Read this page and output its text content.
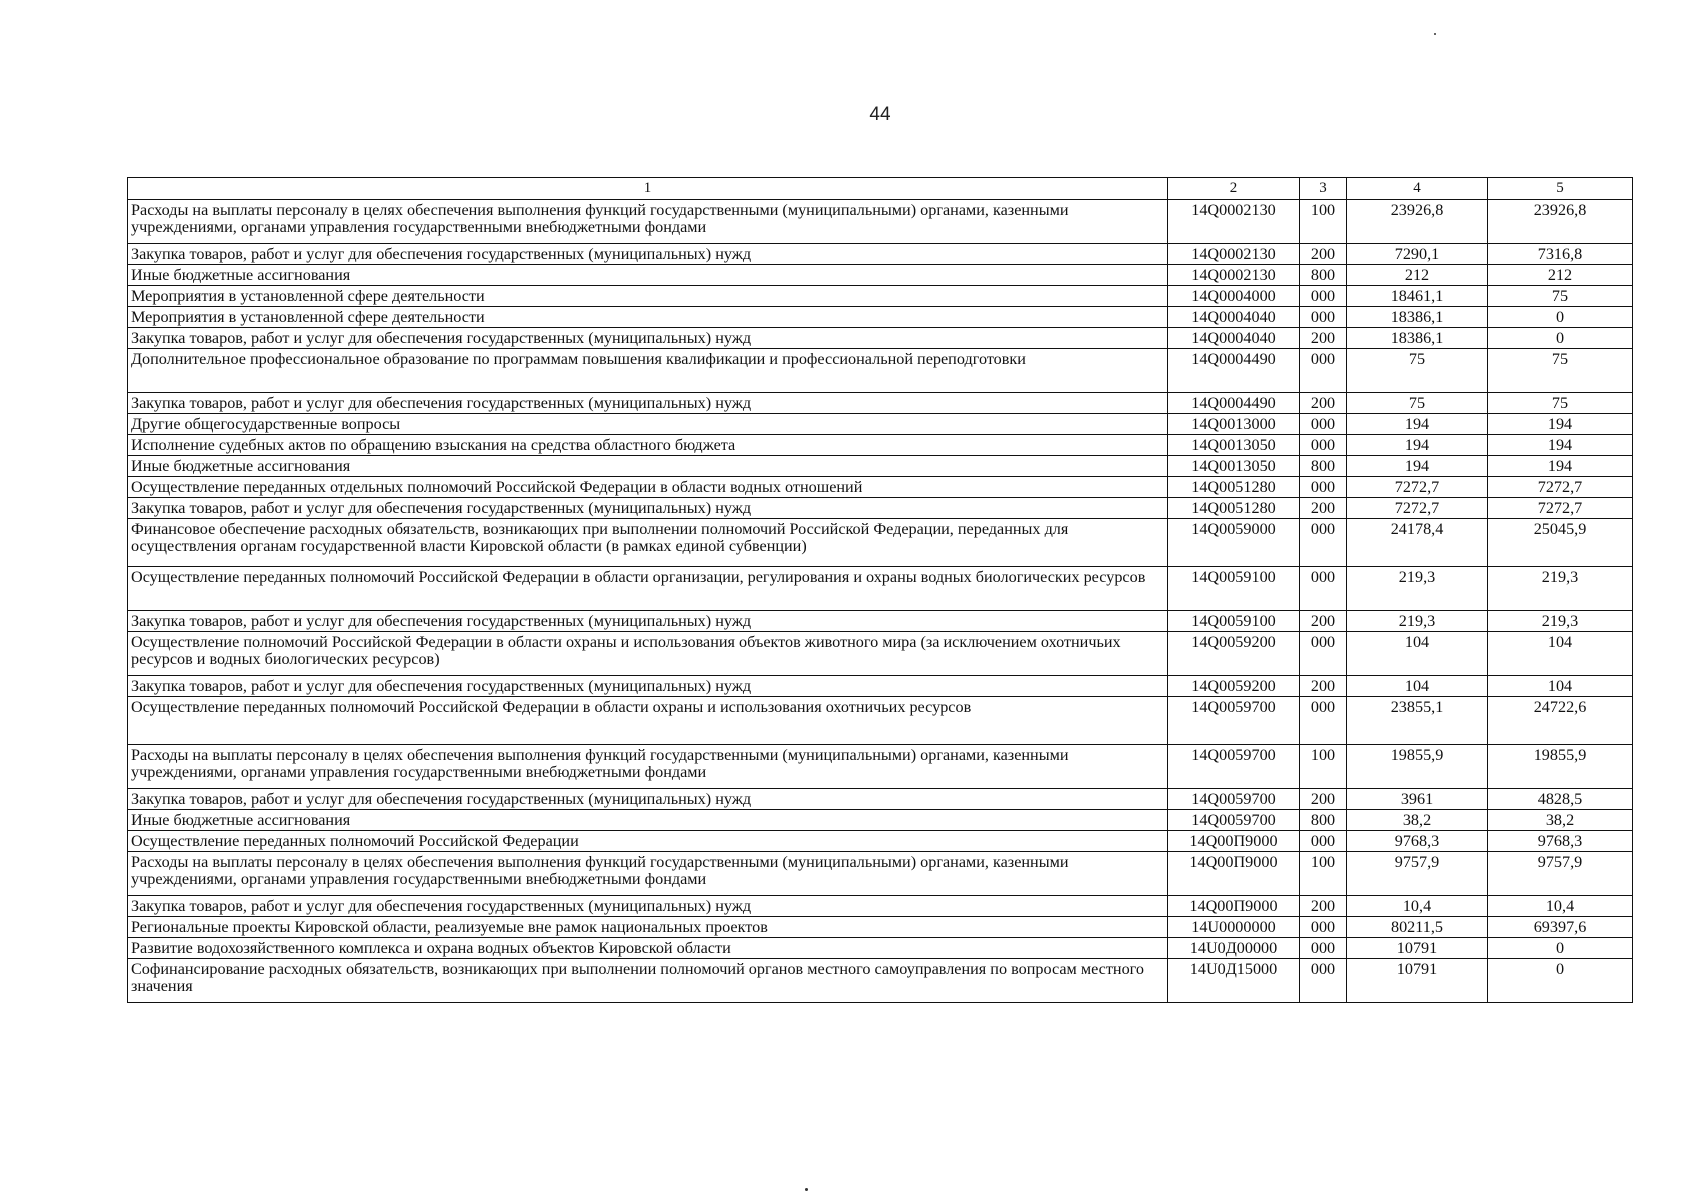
44
1	2	3	4	5
Расходы на выплаты персоналу в целях обеспечения выполнения функций государственными (муниципальными) органами, казенными учреждениями, органами управления государственными внебюджетными фондами	14Q0002130	100	23926,8	23926,8
Закупка товаров, работ и услуг для обеспечения государственных (муниципальных) нужд	14Q0002130	200	7290,1	7316,8
Иные бюджетные ассигнования	14Q0002130	800	212	212
Мероприятия в установленной сфере деятельности	14Q0004000	000	18461,1	75
Мероприятия в установленной сфере деятельности	14Q0004040	000	18386,1	0
Закупка товаров, работ и услуг для обеспечения государственных (муниципальных) нужд	14Q0004040	200	18386,1	0
Дополнительное профессиональное образование по программам повышения квалификации и профессиональной переподготовки	14Q0004490	000	75	75
Закупка товаров, работ и услуг для обеспечения государственных (муниципальных) нужд	14Q0004490	200	75	75
Другие общегосударственные вопросы	14Q0013000	000	194	194
Исполнение судебных актов по обращению взыскания на средства областного бюджета	14Q0013050	000	194	194
Иные бюджетные ассигнования	14Q0013050	800	194	194
Осуществление переданных отдельных полномочий Российской Федерации в области водных отношений	14Q0051280	000	7272,7	7272,7
Закупка товаров, работ и услуг для обеспечения государственных (муниципальных) нужд	14Q0051280	200	7272,7	7272,7
Финансовое обеспечение расходных обязательств, возникающих при выполнении полномочий Российской Федерации, переданных для осуществления органам государственной власти Кировской области (в рамках единой субвенции)	14Q0059000	000	24178,4	25045,9
Осуществление переданных полномочий Российской Федерации в области организации, регулирования и охраны водных биологических ресурсов	14Q0059100	000	219,3	219,3
Закупка товаров, работ и услуг для обеспечения государственных (муниципальных) нужд	14Q0059100	200	219,3	219,3
Осуществление полномочий Российской Федерации в области охраны и использования объектов животного мира (за исключением охотничьих ресурсов и водных биологических ресурсов)	14Q0059200	000	104	104
Закупка товаров, работ и услуг для обеспечения государственных (муниципальных) нужд	14Q0059200	200	104	104
Осуществление переданных полномочий Российской Федерации в области охраны и использования охотничьих ресурсов	14Q0059700	000	23855,1	24722,6
Расходы на выплаты персоналу в целях обеспечения выполнения функций государственными (муниципальными) органами, казенными учреждениями, органами управления государственными внебюджетными фондами	14Q0059700	100	19855,9	19855,9
Закупка товаров, работ и услуг для обеспечения государственных (муниципальных) нужд	14Q0059700	200	3961	4828,5
Иные бюджетные ассигнования	14Q0059700	800	38,2	38,2
Осуществление переданных полномочий Российской Федерации	14Q00П9000	000	9768,3	9768,3
Расходы на выплаты персоналу в целях обеспечения выполнения функций государственными (муниципальными) органами, казенными учреждениями, органами управления государственными внебюджетными фондами	14Q00П9000	100	9757,9	9757,9
Закупка товаров, работ и услуг для обеспечения государственных (муниципальных) нужд	14Q00П9000	200	10,4	10,4
Региональные проекты Кировской области, реализуемые вне рамок национальных проектов	14U0000000	000	80211,5	69397,6
Развитие водохозяйственного комплекса и охрана водных объектов Кировской области	14U0Д00000	000	10791	0
Софинансирование расходных обязательств, возникающих при выполнении полномочий органов местного самоуправления по вопросам местного значения	14U0Д15000	000	10791	0
